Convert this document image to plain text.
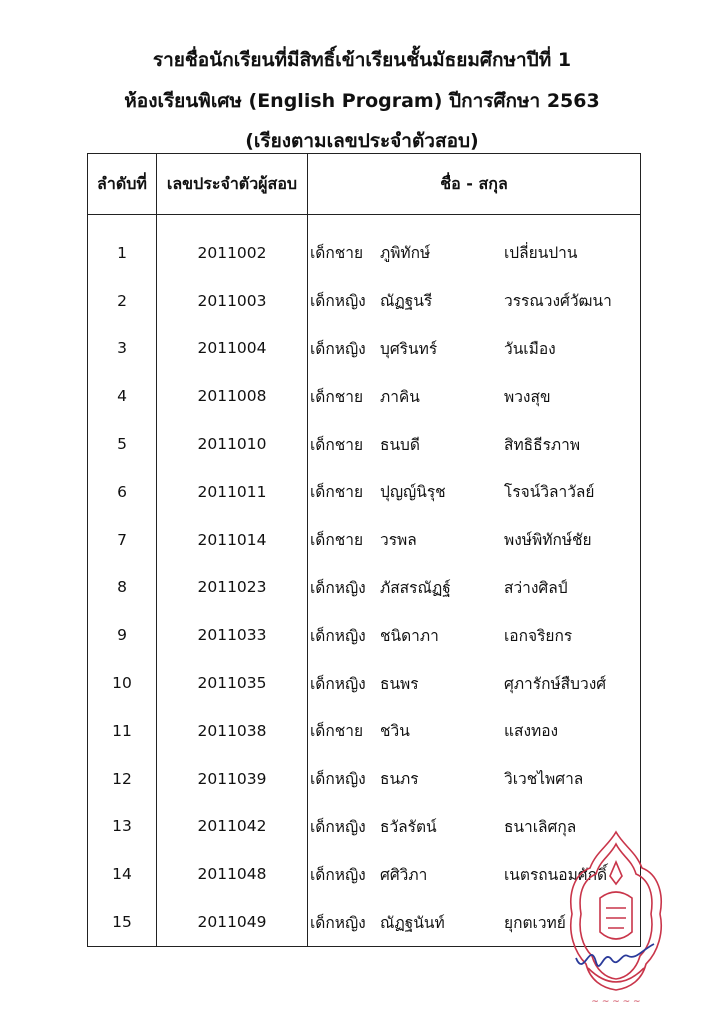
รายชื่อนักเรียนที่มีสิทธิ์เข้าเรียนชั้นมัธยมศึกษาปีที่ 1
ห้องเรียนพิเศษ (English Program) ปีการศึกษา 2563
(เรียงตามเลขประจำตัวสอบ)
ลำดับที่	เลขประจำตัวผู้สอบ	ชื่อ - สกุล
1	2011002	เด็กชาย ภูพิทักษ์ เปลี่ยนปาน
2	2011003	เด็กหญิง ณัฏฐนรี วรรณวงศ์วัฒนา
3	2011004	เด็กหญิง บุศรินทร์ วันเมือง
4	2011008	เด็กชาย ภาคิน พวงสุข
5	2011010	เด็กชาย ธนบดี สิทธิธีรภาพ
6	2011011	เด็กชาย ปุญญ์นิรุช โรจน์วิลาวัลย์
7	2011014	เด็กชาย วรพล พงษ์พิทักษ์ชัย
8	2011023	เด็กหญิง ภัสสรณัฏฐ์ สว่างศิลป์
9	2011033	เด็กหญิง ชนิดาภา เอกจริยกร
10	2011035	เด็กหญิง ธนพร ศุภารักษ์สืบวงศ์
11	2011038	เด็กชาย ชวิน แสงทอง
12	2011039	เด็กหญิง ธนภร วิเวชไพศาล
13	2011042	เด็กหญิง ธวัลรัตน์ ธนาเลิศกุล
14	2011048	เด็กหญิง ศศิวิภา เนตรถนอมศักดิ์
15	2011049	เด็กหญิง ณัฏฐนันท์ ยุกตเวทย์
~ ~ ~ ~ ~
